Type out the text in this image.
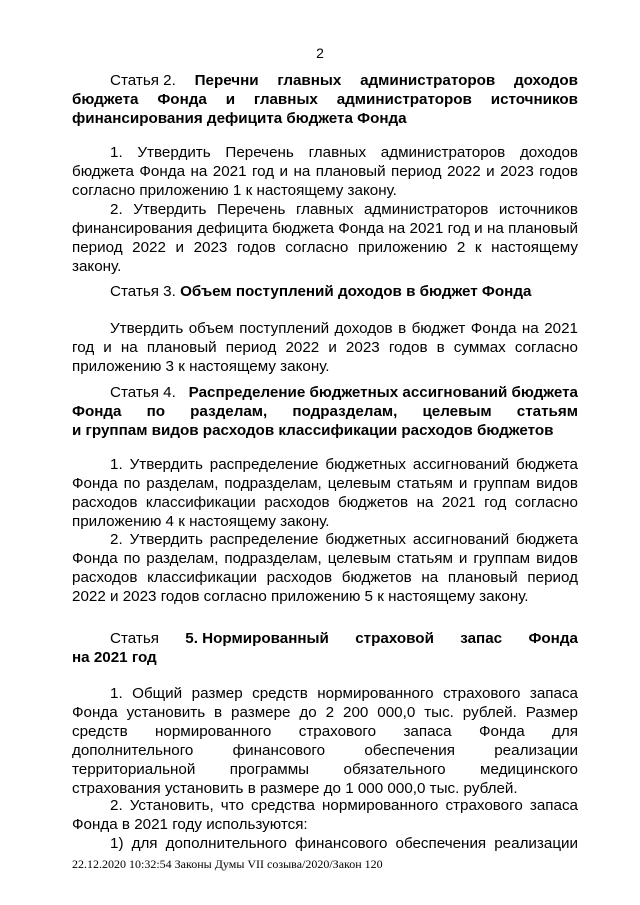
2
Статья 2. Перечни главных администраторов доходов
бюджета Фонда и главных администраторов источников
финансирования дефицита бюджета Фонда
1. Утвердить Перечень главных администраторов доходов бюджета Фонда на 2021 год и на плановый период 2022 и 2023 годов согласно приложению 1 к настоящему закону.
2. Утвердить Перечень главных администраторов источников финансирования дефицита бюджета Фонда на 2021 год и на плановый период 2022 и 2023 годов согласно приложению 2 к настоящему закону.
Статья 3. Объем поступлений доходов в бюджет Фонда
Утвердить объем поступлений доходов в бюджет Фонда на 2021 год и на плановый период 2022 и 2023 годов в суммах согласно приложению 3 к настоящему закону.
Статья 4. Распределение бюджетных ассигнований бюджета
Фонда по разделам, подразделам, целевым статьям
и группам видов расходов классификации расходов бюджетов
1. Утвердить распределение бюджетных ассигнований бюджета Фонда по разделам, подразделам, целевым статьям и группам видов расходов классификации расходов бюджетов на 2021 год согласно приложению 4 к настоящему закону.
2. Утвердить распределение бюджетных ассигнований бюджета Фонда по разделам, подразделам, целевым статьям и группам видов расходов классификации расходов бюджетов на плановый период 2022 и 2023 годов согласно приложению 5 к настоящему закону.
Статья 5. Нормированный страховой запас Фонда
на 2021 год
1. Общий размер средств нормированного страхового запаса Фонда установить в размере до 2 200 000,0 тыс. рублей. Размер средств нормированного страхового запаса Фонда для дополнительного финансового обеспечения реализации территориальной программы обязательного медицинского страхования установить в размере до 1 000 000,0 тыс. рублей.
2. Установить, что средства нормированного страхового запаса Фонда в 2021 году используются:
1) для дополнительного финансового обеспечения реализации
22.12.2020 10:32:54 Законы Думы VII созыва/2020/Закон 120
